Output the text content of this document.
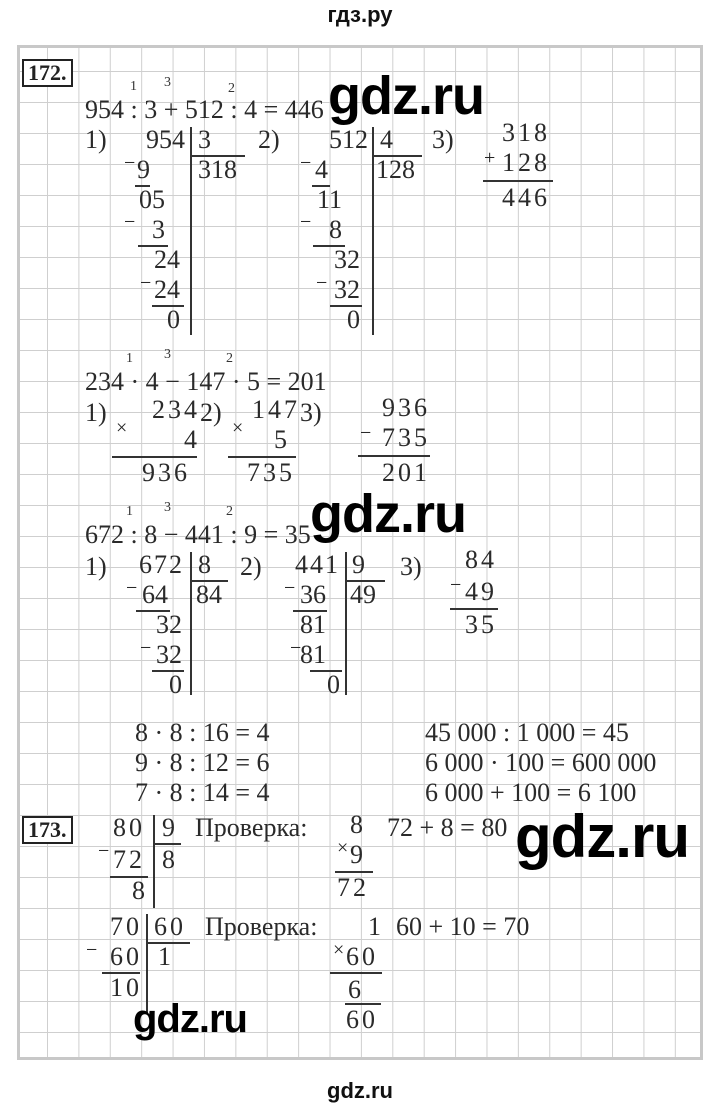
гдз.ру
172.
954 : 3 + 512 : 4 = 446
1 3	2 gdz.ru
1)	954 3
318
− 9
05
− 3
24
− 24
0
2)	512 4
128
− 4
11
− 8
32
− 32
0
3)	318
+ 128
446
234 · 4 − 147 · 5 = 201
1 3	2
1)	234
×	4
936
2)	147
×	5
735
3)	936
− 735
201
gdz.ru
672 : 8 − 441 : 9 = 35
1 3	2
1)	672 8
84
− 64
32
− 32
0
2)	441 9
49
− 36
81
−
81
0
3)	84
− 49
35
8 · 8 : 16 = 4
9 · 8 : 12 = 6
7 · 8 : 14 = 4
45 000 : 1 000 = 45
6 000 · 100 = 600 000
6 000 + 100 = 6 100
173.	80 9
8
Проверка:
− 72
8
8
× 9
72
72 + 8 = 80 gdz.ru
70 60
1
Проверка:
− 60
10
1
× 60
6
60
60 + 10 = 70
gdz.ru
gdz.ru
